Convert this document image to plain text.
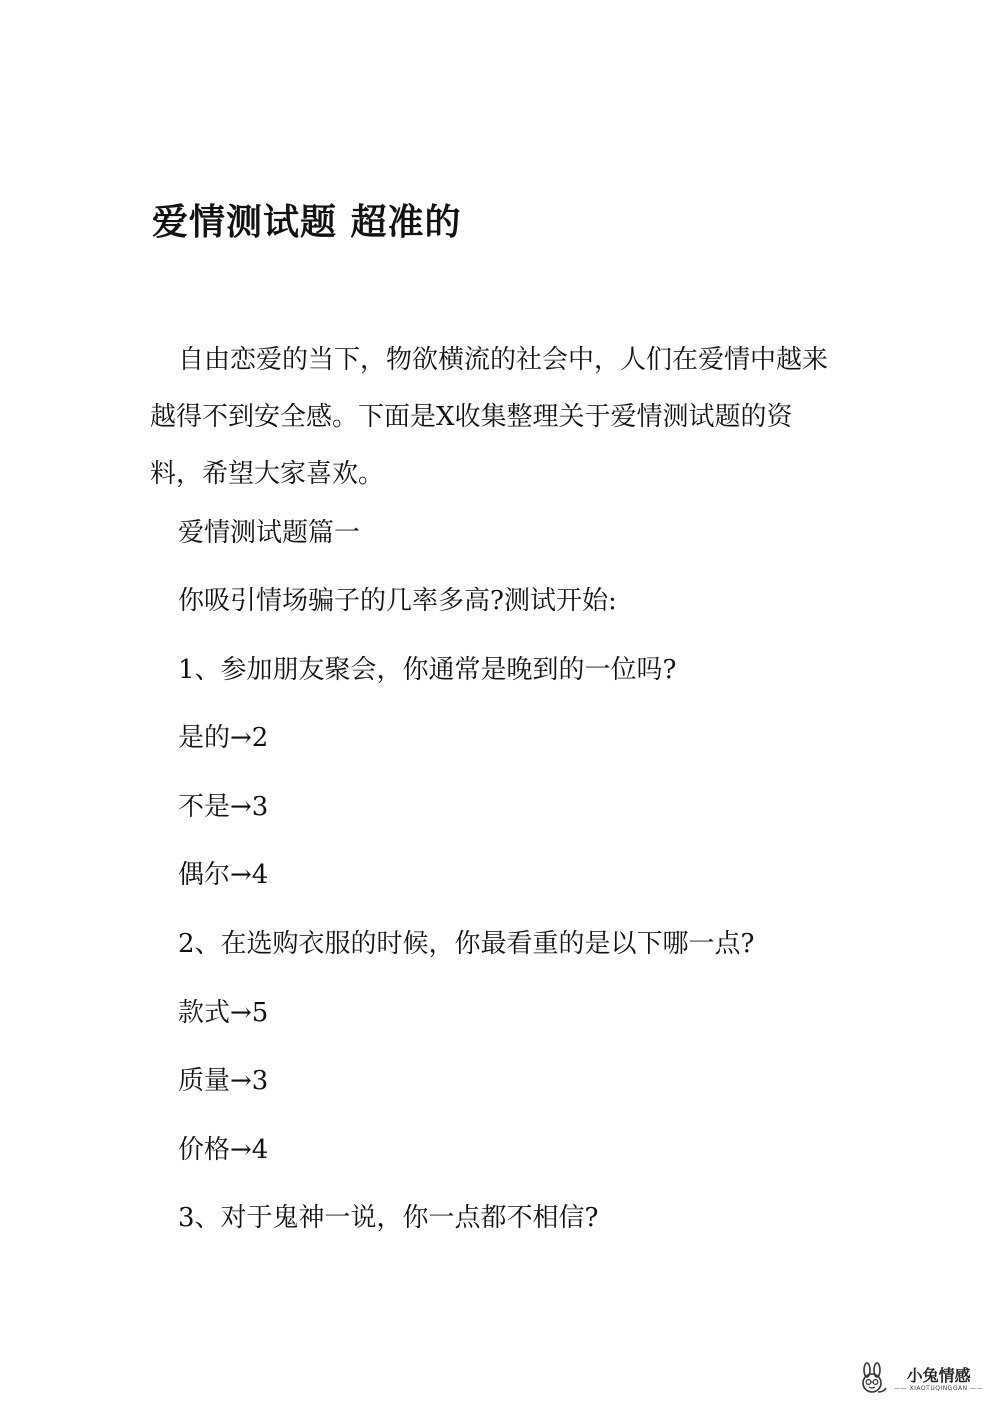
爱情测试题 超准的

自由恋爱的当下，物欲横流的社会中，人们在爱情中越来越得不到安全感。下面是X收集整理关于爱情测试题的资料，希望大家喜欢。

爱情测试题篇一
你吸引情场骗子的几率多高?测试开始:
1、参加朋友聚会，你通常是晚到的一位吗?
是的→2
不是→3
偶尔→4
2、在选购衣服的时候，你最看重的是以下哪一点?
款式→5
质量→3
价格→4
3、对于鬼神一说，你一点都不相信?
小兔情感
—— XIAOTUQINGGAN ——
